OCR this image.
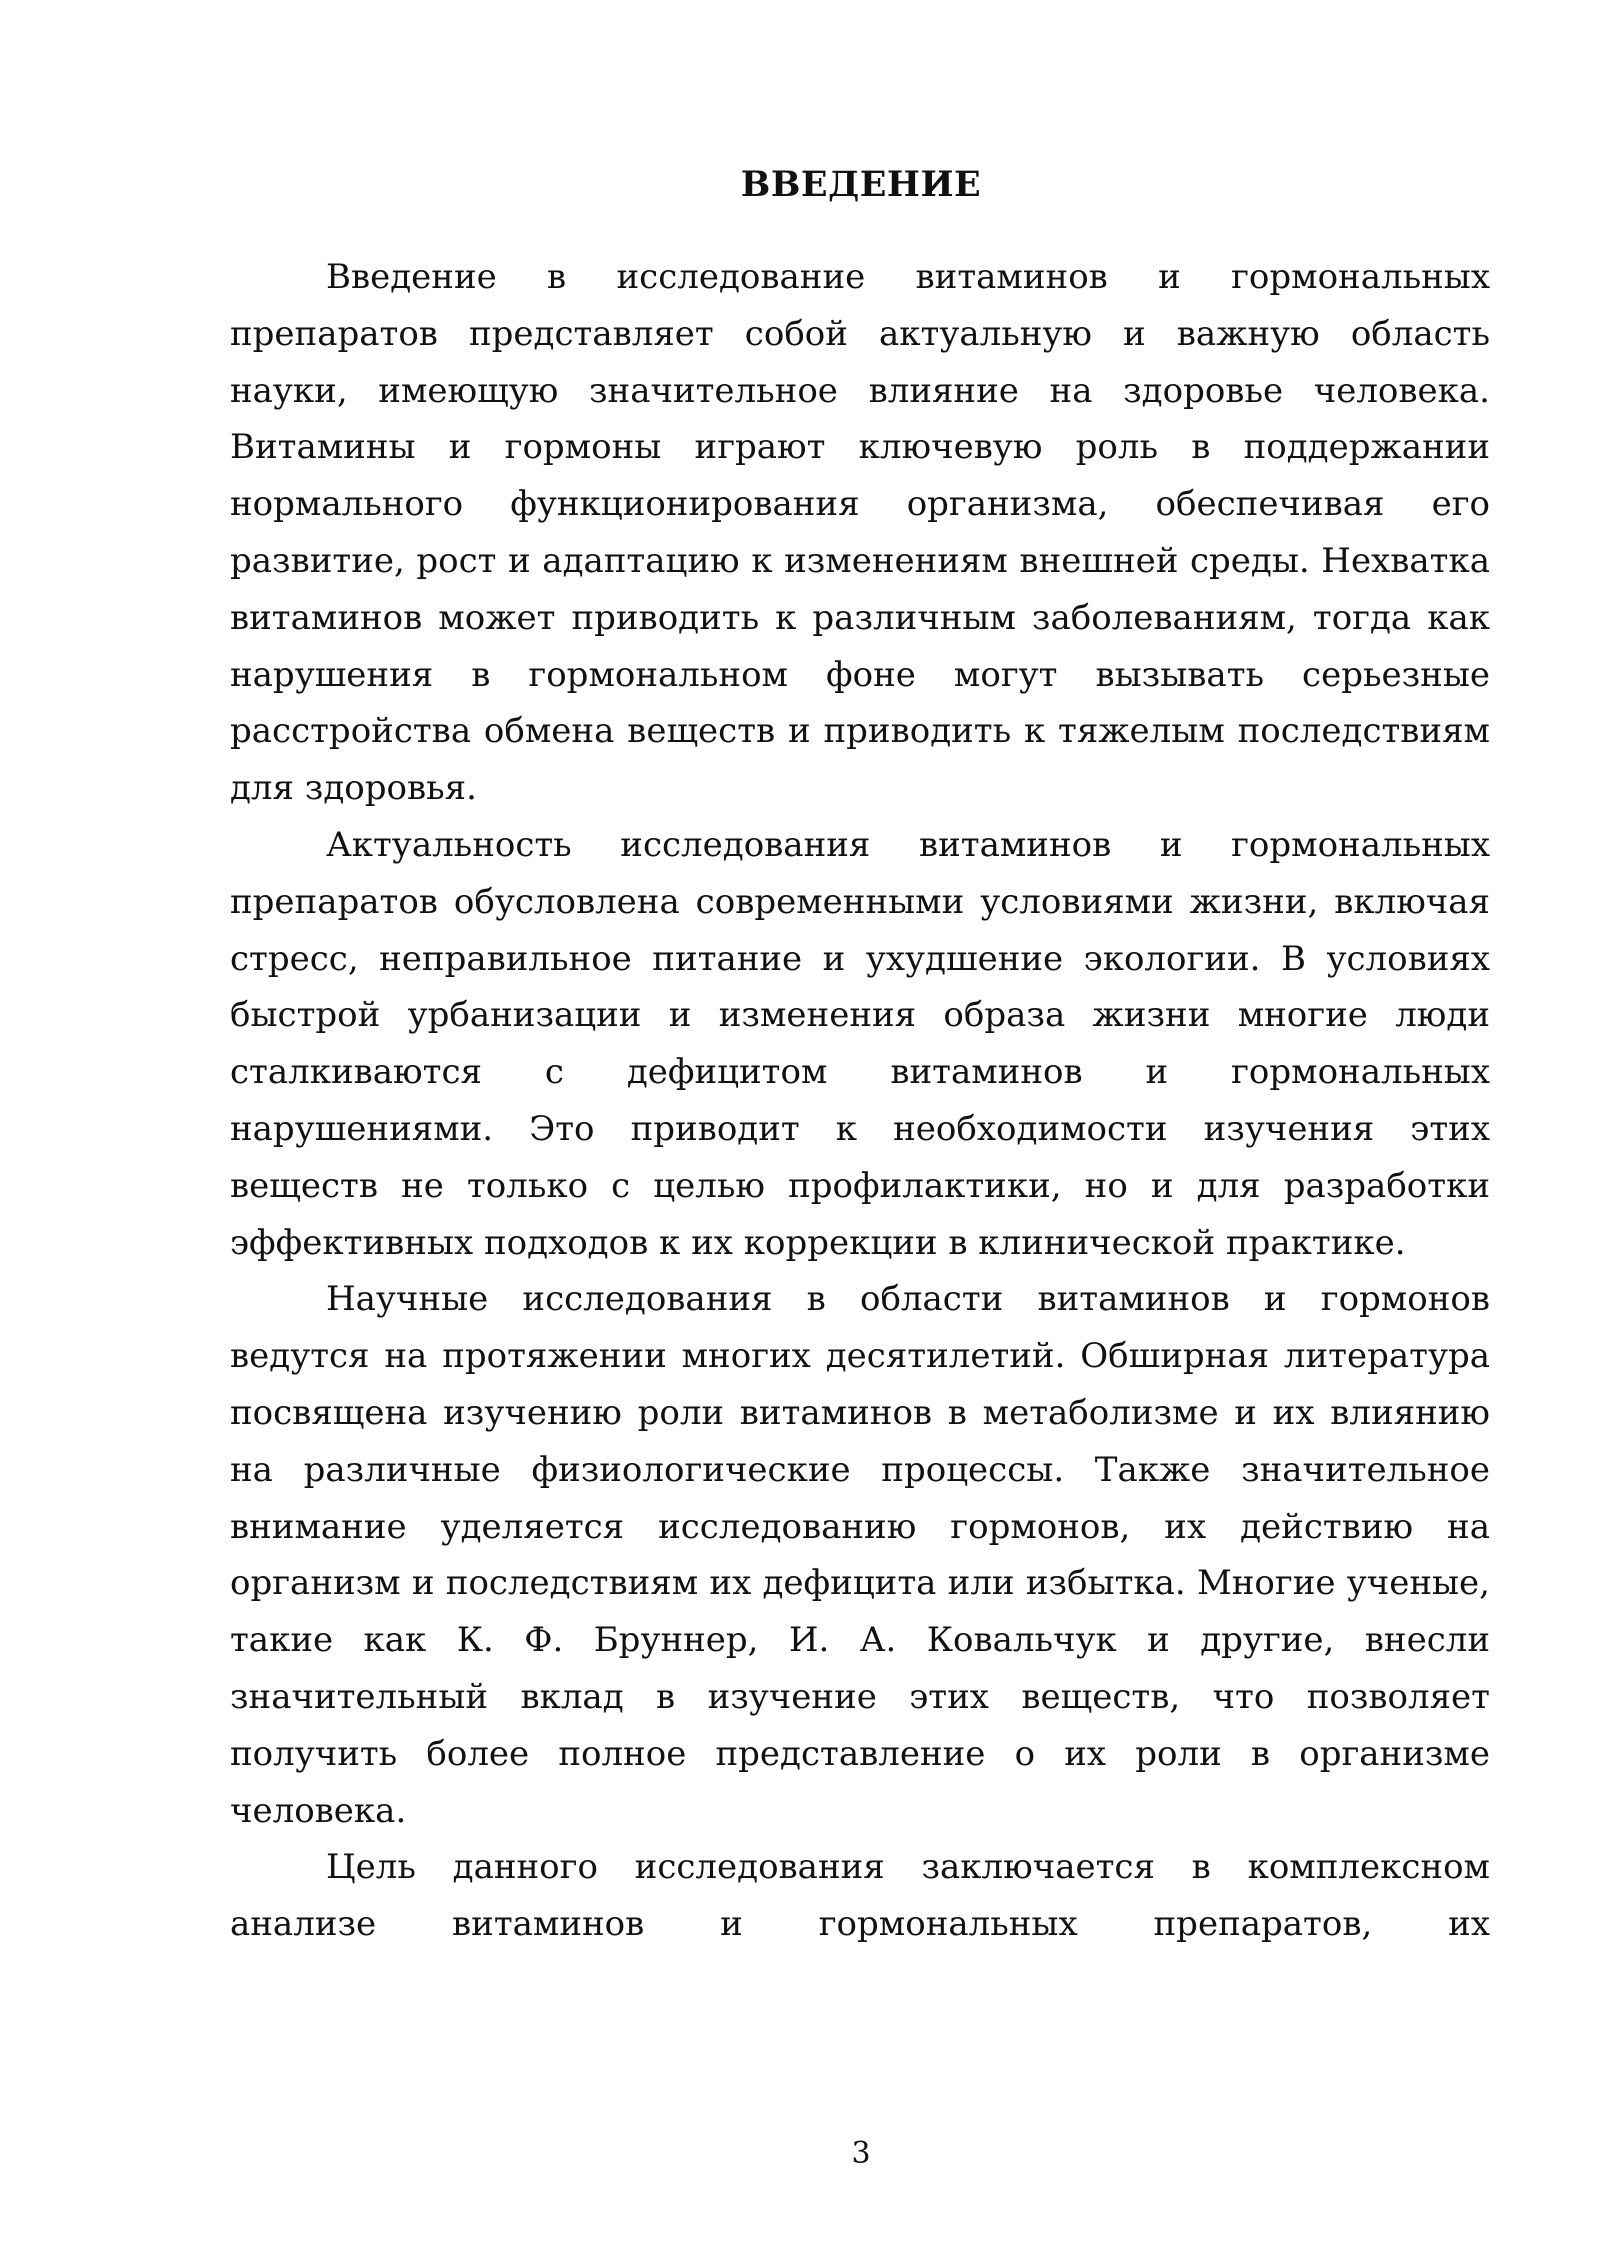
ВВЕДЕНИЕ

Введение в исследование витаминов и гормональных препаратов представляет собой актуальную и важную область науки, имеющую значительное влияние на здоровье человека. Витамины и гормоны играют ключевую роль в поддержании нормального функционирования организма, обеспечивая его развитие, рост и адаптацию к изменениям внешней среды. Нехватка витаминов может приводить к различным заболеваниям, тогда как нарушения в гормональном фоне могут вызывать серьезные расстройства обмена веществ и приводить к тяжелым последствиям для здоровья.

Актуальность исследования витаминов и гормональных препаратов обусловлена современными условиями жизни, включая стресс, неправильное питание и ухудшение экологии. В условиях быстрой урбанизации и изменения образа жизни многие люди сталкиваются с дефицитом витаминов и гормональных нарушениями. Это приводит к необходимости изучения этих веществ не только с целью профилактики, но и для разработки эффективных подходов к их коррекции в клинической практике.

Научные исследования в области витаминов и гормонов ведутся на протяжении многих десятилетий. Обширная литература посвящена изучению роли витаминов в метаболизме и их влиянию на различные физиологические процессы. Также значительное внимание уделяется исследованию гормонов, их действию на организм и последствиям их дефицита или избытка. Многие ученые, такие как К. Ф. Бруннер, И. А. Ковальчук и другие, внесли значительный вклад в изучение этих веществ, что позволяет получить более полное представление о их роли в организме человека.

Цель данного исследования заключается в комплексном анализе витаминов и гормональных препаратов, их

3
